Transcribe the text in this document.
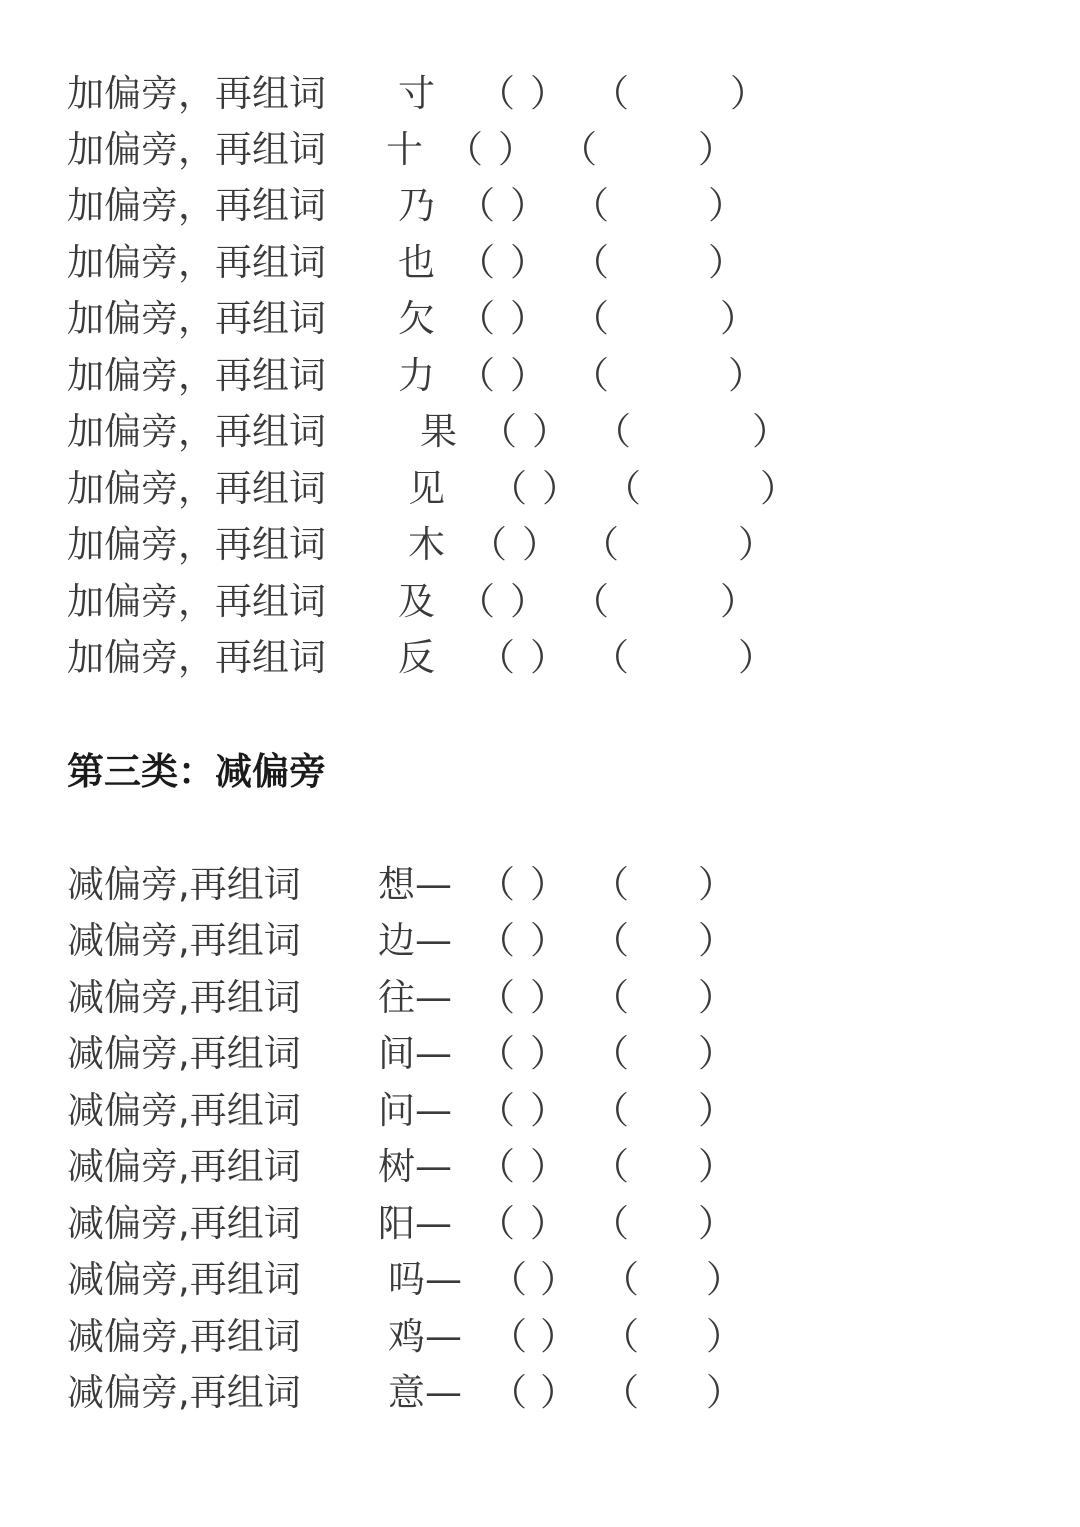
第三类：减偏旁
加偏旁，再组词 寸 （ ） （	）
加偏旁，再组词 十 （ ） （	）
加偏旁，再组词 乃 （ ） （	）
加偏旁，再组词 也 （ ） （	）
加偏旁，再组词 欠 （ ） （	）
加偏旁，再组词 力 （ ） （	）
加偏旁，再组词	果 （ ） （	）
加偏旁，再组词 见 （ ） （	）
加偏旁，再组词 木 （ ） （	）
加偏旁，再组词 及 （ ） （	）
加偏旁，再组词 反 （ ） （	）
减偏旁,再组词 想— （ ） （ ）
减偏旁,再组词 边— （ ） （ ）
减偏旁,再组词 往— （ ） （ ）
减偏旁,再组词 间— （ ） （ ）
减偏旁,再组词 问— （ ） （ ）
减偏旁,再组词 树— （ ） （ ）
减偏旁,再组词 阳— （ ） （ ）
减偏旁,再组词 吗— （ ） （ ）
减偏旁,再组词 鸡— （ ） （ ）
减偏旁,再组词 意— （ ） （ ）
